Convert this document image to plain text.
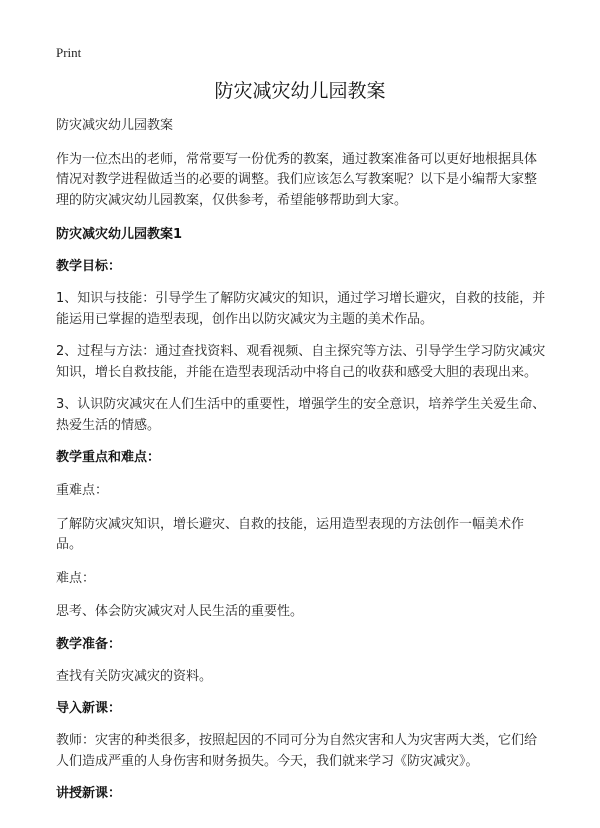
Print
防灾减灾幼儿园教案

防灾减灾幼儿园教案

作为一位杰出的老师，常常要写一份优秀的教案，通过教案准备可以更好地根据具体情况对教学进程做适当的必要的调整。我们应该怎么写教案呢？以下是小编帮大家整理的防灾减灾幼儿园教案，仅供参考，希望能够帮助到大家。

防灾减灾幼儿园教案1

教学目标：

1、知识与技能：引导学生了解防灾减灾的知识，通过学习增长避灾，自救的技能，并能运用已掌握的造型表现，创作出以防灾减灾为主题的美术作品。

2、过程与方法：通过查找资料、观看视频、自主探究等方法、引导学生学习防灾减灾知识，增长自救技能，并能在造型表现活动中将自己的收获和感受大胆的表现出来。

3、认识防灾减灾在人们生活中的重要性，增强学生的安全意识，培养学生关爱生命、热爱生活的情感。

教学重点和难点：

重难点：

了解防灾减灾知识，增长避灾、自救的技能，运用造型表现的方法创作一幅美术作品。

难点：

思考、体会防灾减灾对人民生活的重要性。

教学准备：

查找有关防灾减灾的资料。

导入新课：

教师：灾害的种类很多，按照起因的不同可分为自然灾害和人为灾害两大类，它们给人们造成严重的人身伤害和财务损失。今天，我们就来学习《防灾减灾》。

讲授新课：
